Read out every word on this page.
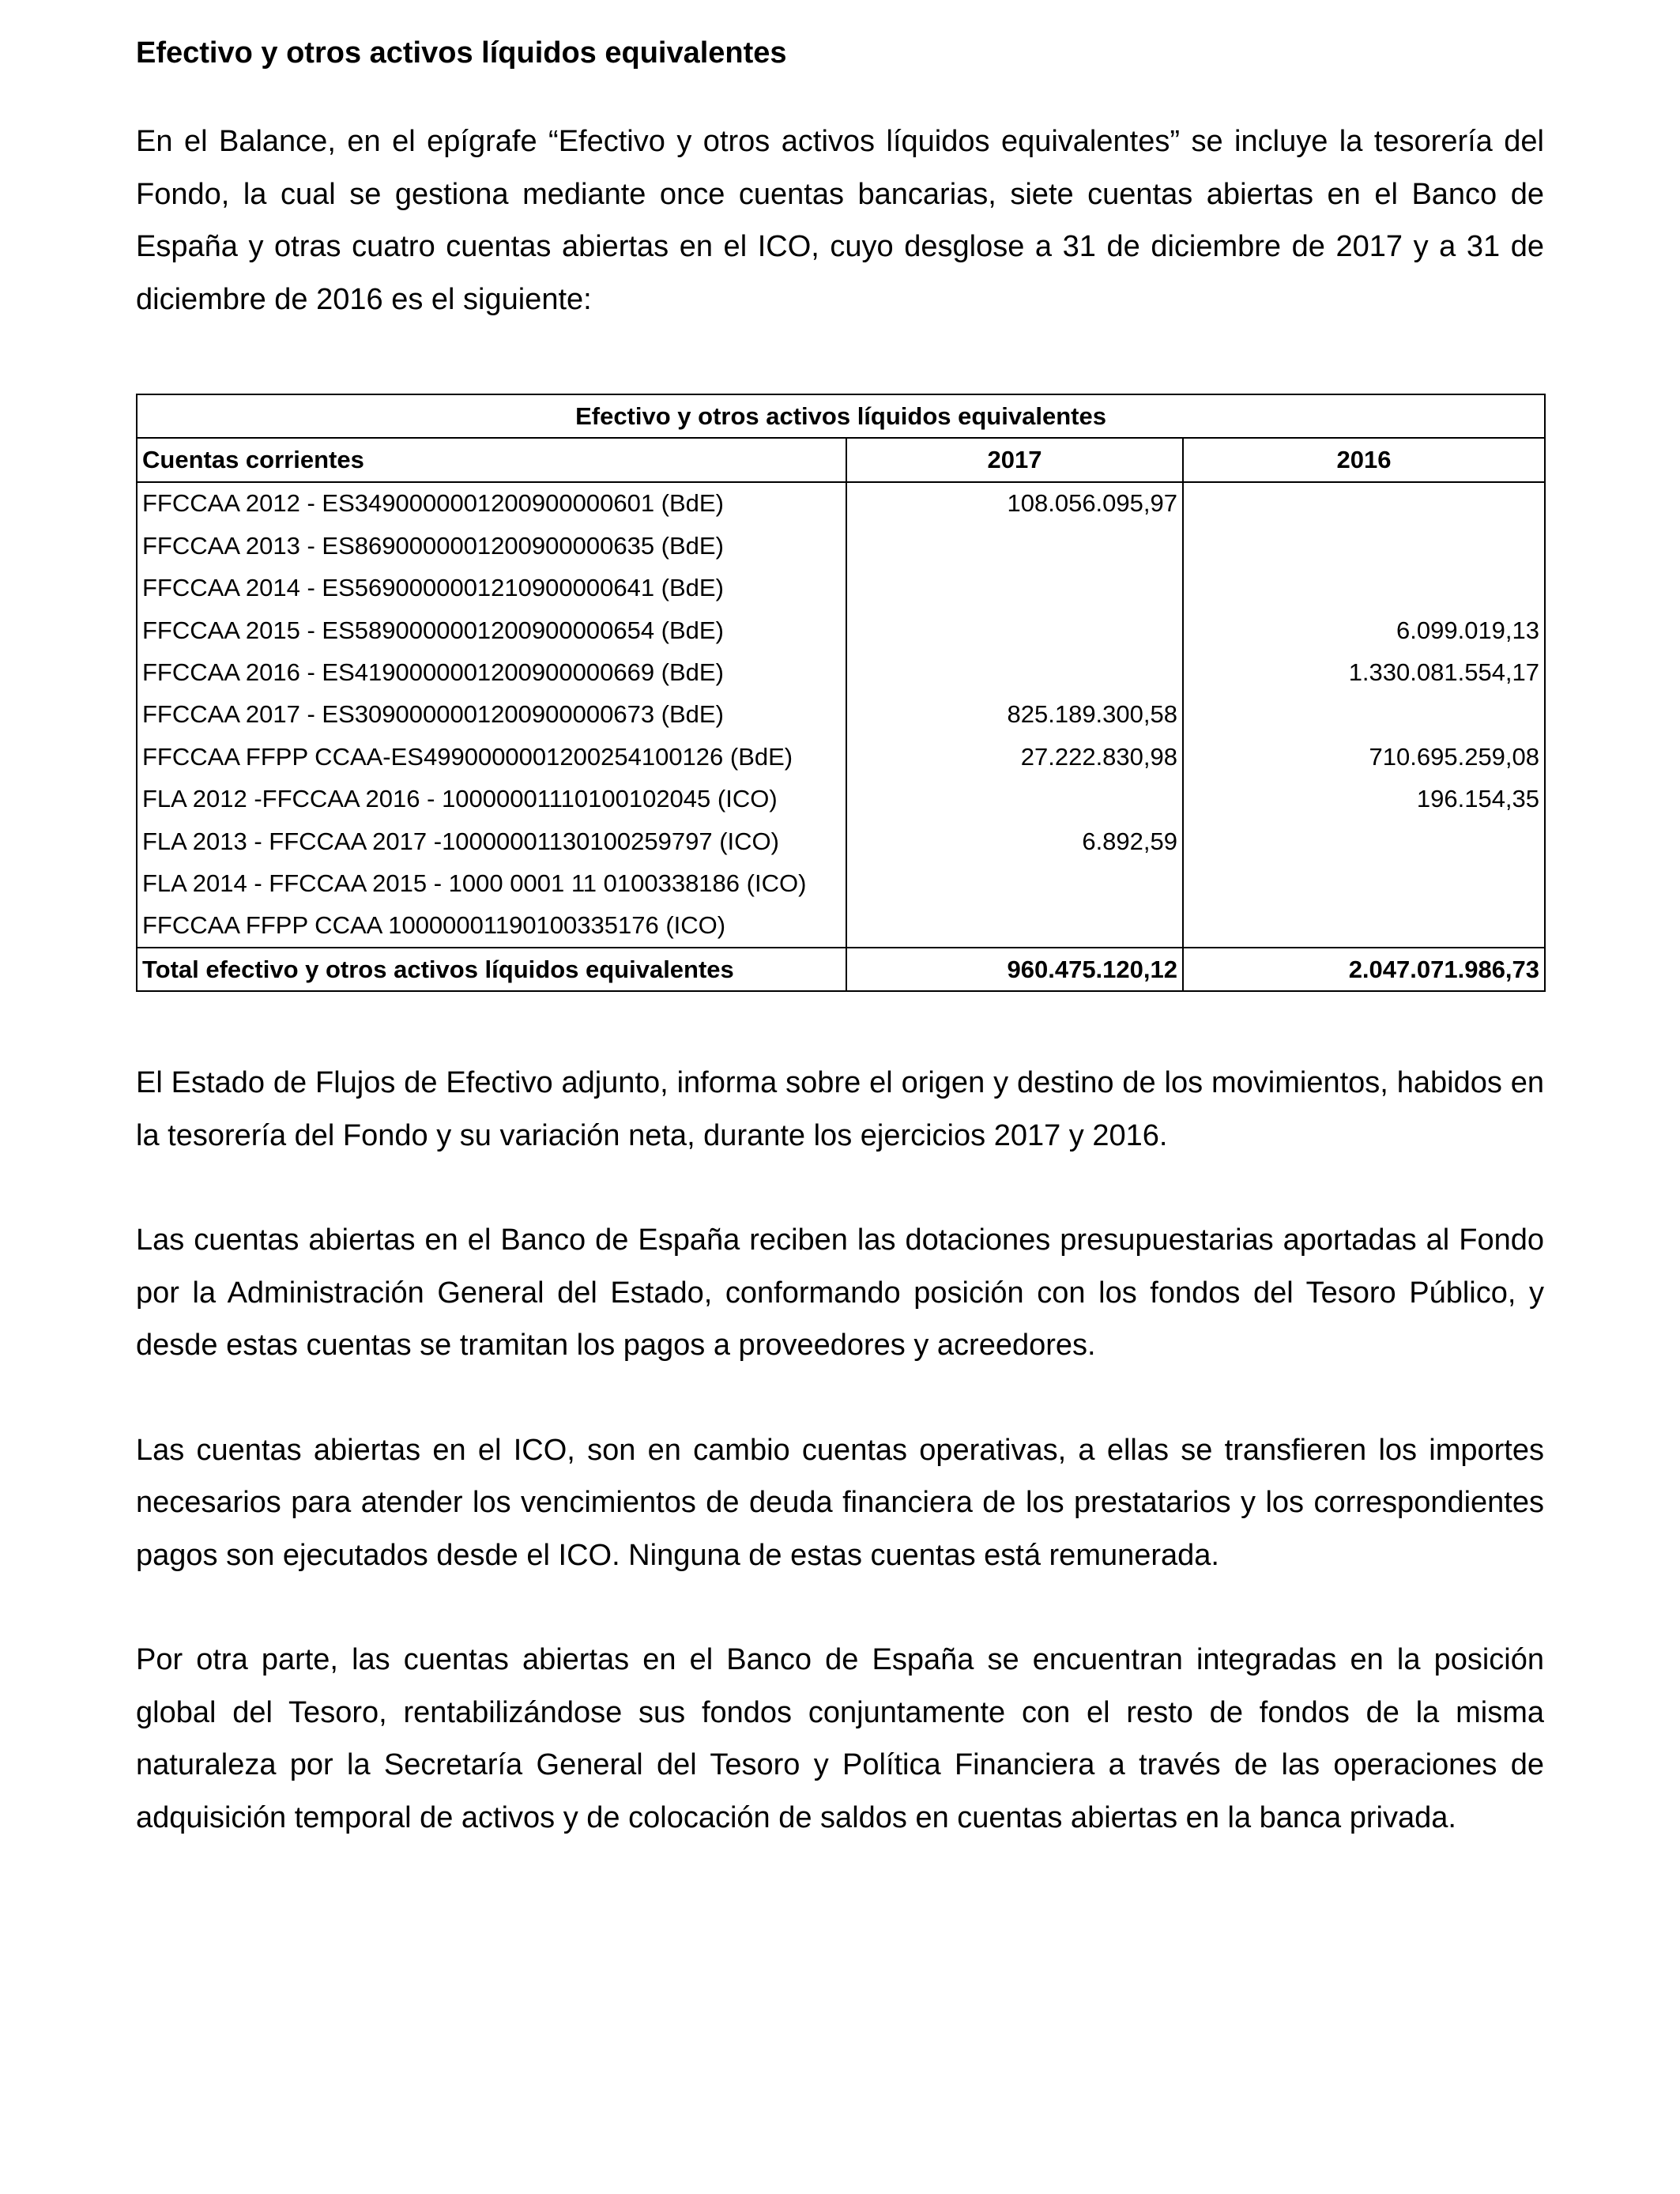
Efectivo y otros activos líquidos equivalentes

En el Balance, en el epígrafe “Efectivo y otros activos líquidos equivalentes” se incluye la tesorería del Fondo, la cual se gestiona mediante once cuentas bancarias, siete cuentas abiertas en el Banco de España y otras cuatro cuentas abiertas en el ICO, cuyo desglose a 31 de diciembre de 2017 y a 31 de diciembre de 2016 es el siguiente:

Efectivo y otros activos líquidos equivalentes		
Cuentas corrientes	2017	2016
FFCCAA 2012 - ES3490000001200900000601 (BdE)	108.056.095,97	
FFCCAA 2013 - ES8690000001200900000635 (BdE)		
FFCCAA 2014 - ES5690000001210900000641 (BdE)		
FFCCAA 2015 - ES5890000001200900000654 (BdE)		6.099.019,13
FFCCAA 2016 - ES4190000001200900000669 (BdE)		1.330.081.554,17
FFCCAA 2017 - ES3090000001200900000673 (BdE)	825.189.300,58	
FFCCAA FFPP CCAA-ES4990000001200254100126 (BdE)	27.222.830,98	710.695.259,08
FLA 2012 -FFCCAA 2016 - 10000001110100102045 (ICO)		196.154,35
FLA 2013 - FFCCAA 2017 -10000001130100259797 (ICO)	6.892,59	
FLA 2014 - FFCCAA 2015 - 1000 0001 11 0100338186 (ICO)		
FFCCAA FFPP CCAA 10000001190100335176 (ICO)		
Total efectivo y otros activos líquidos equivalentes	960.475.120,12	2.047.071.986,73

El Estado de Flujos de Efectivo adjunto, informa sobre el origen y destino de los movimientos, habidos en la tesorería del Fondo y su variación neta, durante los ejercicios 2017 y 2016.

Las cuentas abiertas en el Banco de España reciben las dotaciones presupuestarias aportadas al Fondo por la Administración General del Estado, conformando posición con los fondos del Tesoro Público, y desde estas cuentas se tramitan los pagos a proveedores y acreedores.

Las cuentas abiertas en el ICO, son en cambio cuentas operativas, a ellas se transfieren los importes necesarios para atender los vencimientos de deuda financiera de los prestatarios y los correspondientes pagos son ejecutados desde el ICO. Ninguna de estas cuentas está remunerada.

Por otra parte, las cuentas abiertas en el Banco de España se encuentran integradas en la posición global del Tesoro, rentabilizándose sus fondos conjuntamente con el resto de fondos de la misma naturaleza por la Secretaría General del Tesoro y Política Financiera a través de las operaciones de adquisición temporal de activos y de colocación de saldos en cuentas abiertas en la banca privada.
